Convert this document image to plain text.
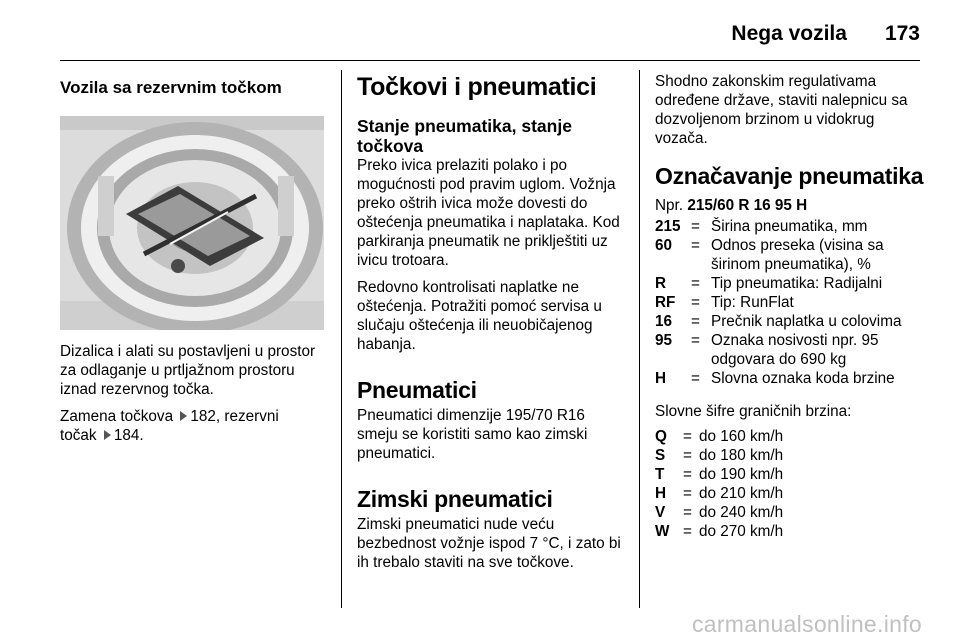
Nega vozila 173
Vozila sa rezervnim točkom

Dizalica i alati su postavljeni u prostor za odlaganje u prtljažnom prostoru iznad rezervnog točka.

Zamena točkova 182, rezervni
točak 184.

Točkovi i pneumatici
Stanje pneumatika, stanje točkova

Preko ivica prelaziti polako i po mogućnosti pod pravim uglom. Vožnja preko oštrih ivica može dovesti do oštećenja pneumatika i naplataka. Kod parkiranja pneumatik ne priklještiti uz ivicu trotoara.

Redovno kontrolisati naplatke ne oštećenja. Potražiti pomoć servisa u slučaju oštećenja ili neuobičajenog habanja.

Pneumatici

Pneumatici dimenzije 195/70 R16 smeju se koristiti samo kao zimski pneumatici.

Zimski pneumatici

Zimski pneumatici nude veću bezbednost vožnje ispod 7 °C, i zato bi ih trebalo staviti na sve točkove.

Shodno zakonskim regulativama određene države, staviti nalepnicu sa dozvoljenom brzinom u vidokrug vozača.

Označavanje pneumatika

Npr. 215/60 R 16 95 H

215 = Širina pneumatika, mm
60	= Odnos preseka (visina sa širinom pneumatika), %
R	= Tip pneumatika: Radijalni
RF	= Tip: RunFlat
16	= Prečnik naplatka u colovima
95	= Oznaka nosivosti npr. 95 odgovara do 690 kg
H	= Slovna oznaka koda brzine

Slovne šifre graničnih brzina:

Q	= do 160 km/h
S	= do 180 km/h
T	= do 190 km/h
H	= do 210 km/h
V	= do 240 km/h
W = do 270 km/h
carmanualsonline.info
